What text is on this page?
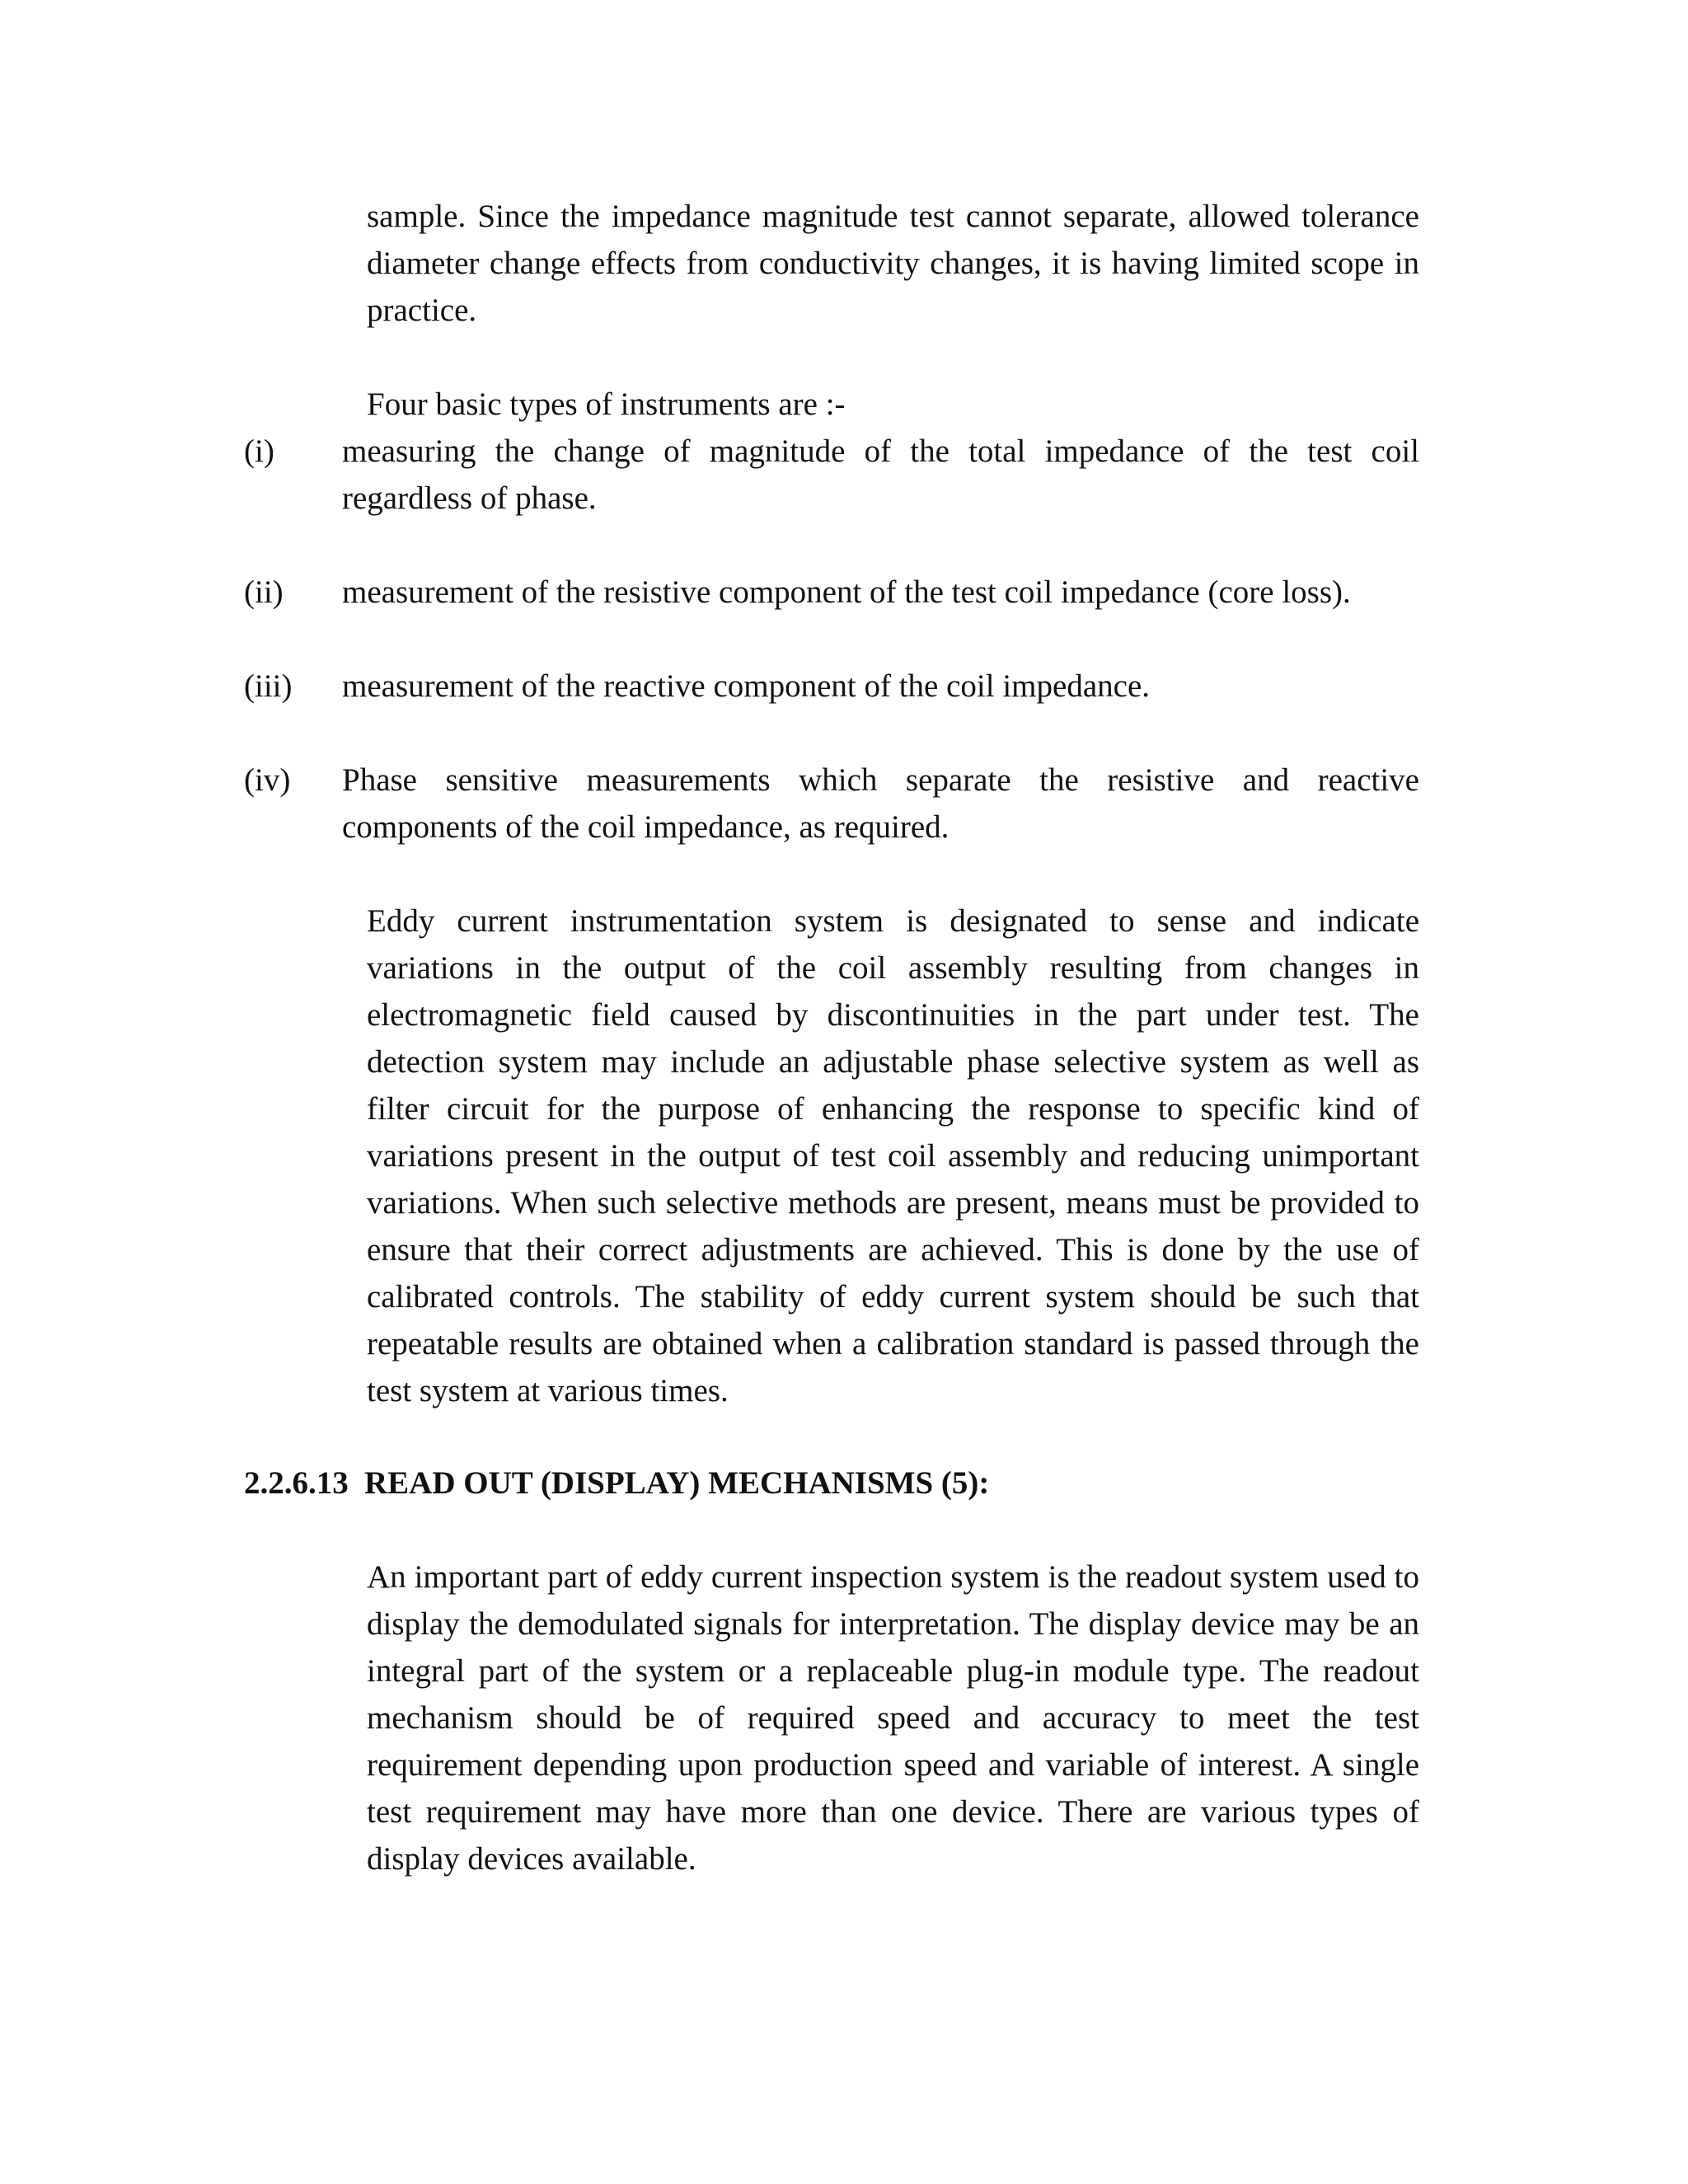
sample. Since the impedance magnitude test cannot separate, allowed tolerance diameter change effects from conductivity changes, it is having limited scope in practice.

Four basic types of instruments are :-

(i)	measuring the change of magnitude of the total impedance of the test coil regardless of phase.
(ii)	measurement of the resistive component of the test coil impedance (core loss).
(iii)	measurement of the reactive component of the coil impedance.
(iv)	Phase sensitive measurements which separate the resistive and reactive components of the coil impedance, as required.

Eddy current instrumentation system is designated to sense and indicate variations in the output of the coil assembly resulting from changes in electromagnetic field caused by discontinuities in the part under test. The detection system may include an adjustable phase selective system as well as filter circuit for the purpose of enhancing the response to specific kind of variations present in the output of test coil assembly and reducing unimportant variations. When such selective methods are present, means must be provided to ensure that their correct adjustments are achieved. This is done by the use of calibrated controls. The stability of eddy current system should be such that repeatable results are obtained when a calibration standard is passed through the test system at various times.

2.2.6.13 READ OUT (DISPLAY) MECHANISMS (5):

An important part of eddy current inspection system is the readout system used to display the demodulated signals for interpretation. The display device may be an integral part of the system or a replaceable plug-in module type. The readout mechanism should be of required speed and accuracy to meet the test requirement depending upon production speed and variable of interest. A single test requirement may have more than one device. There are various types of display devices available.
